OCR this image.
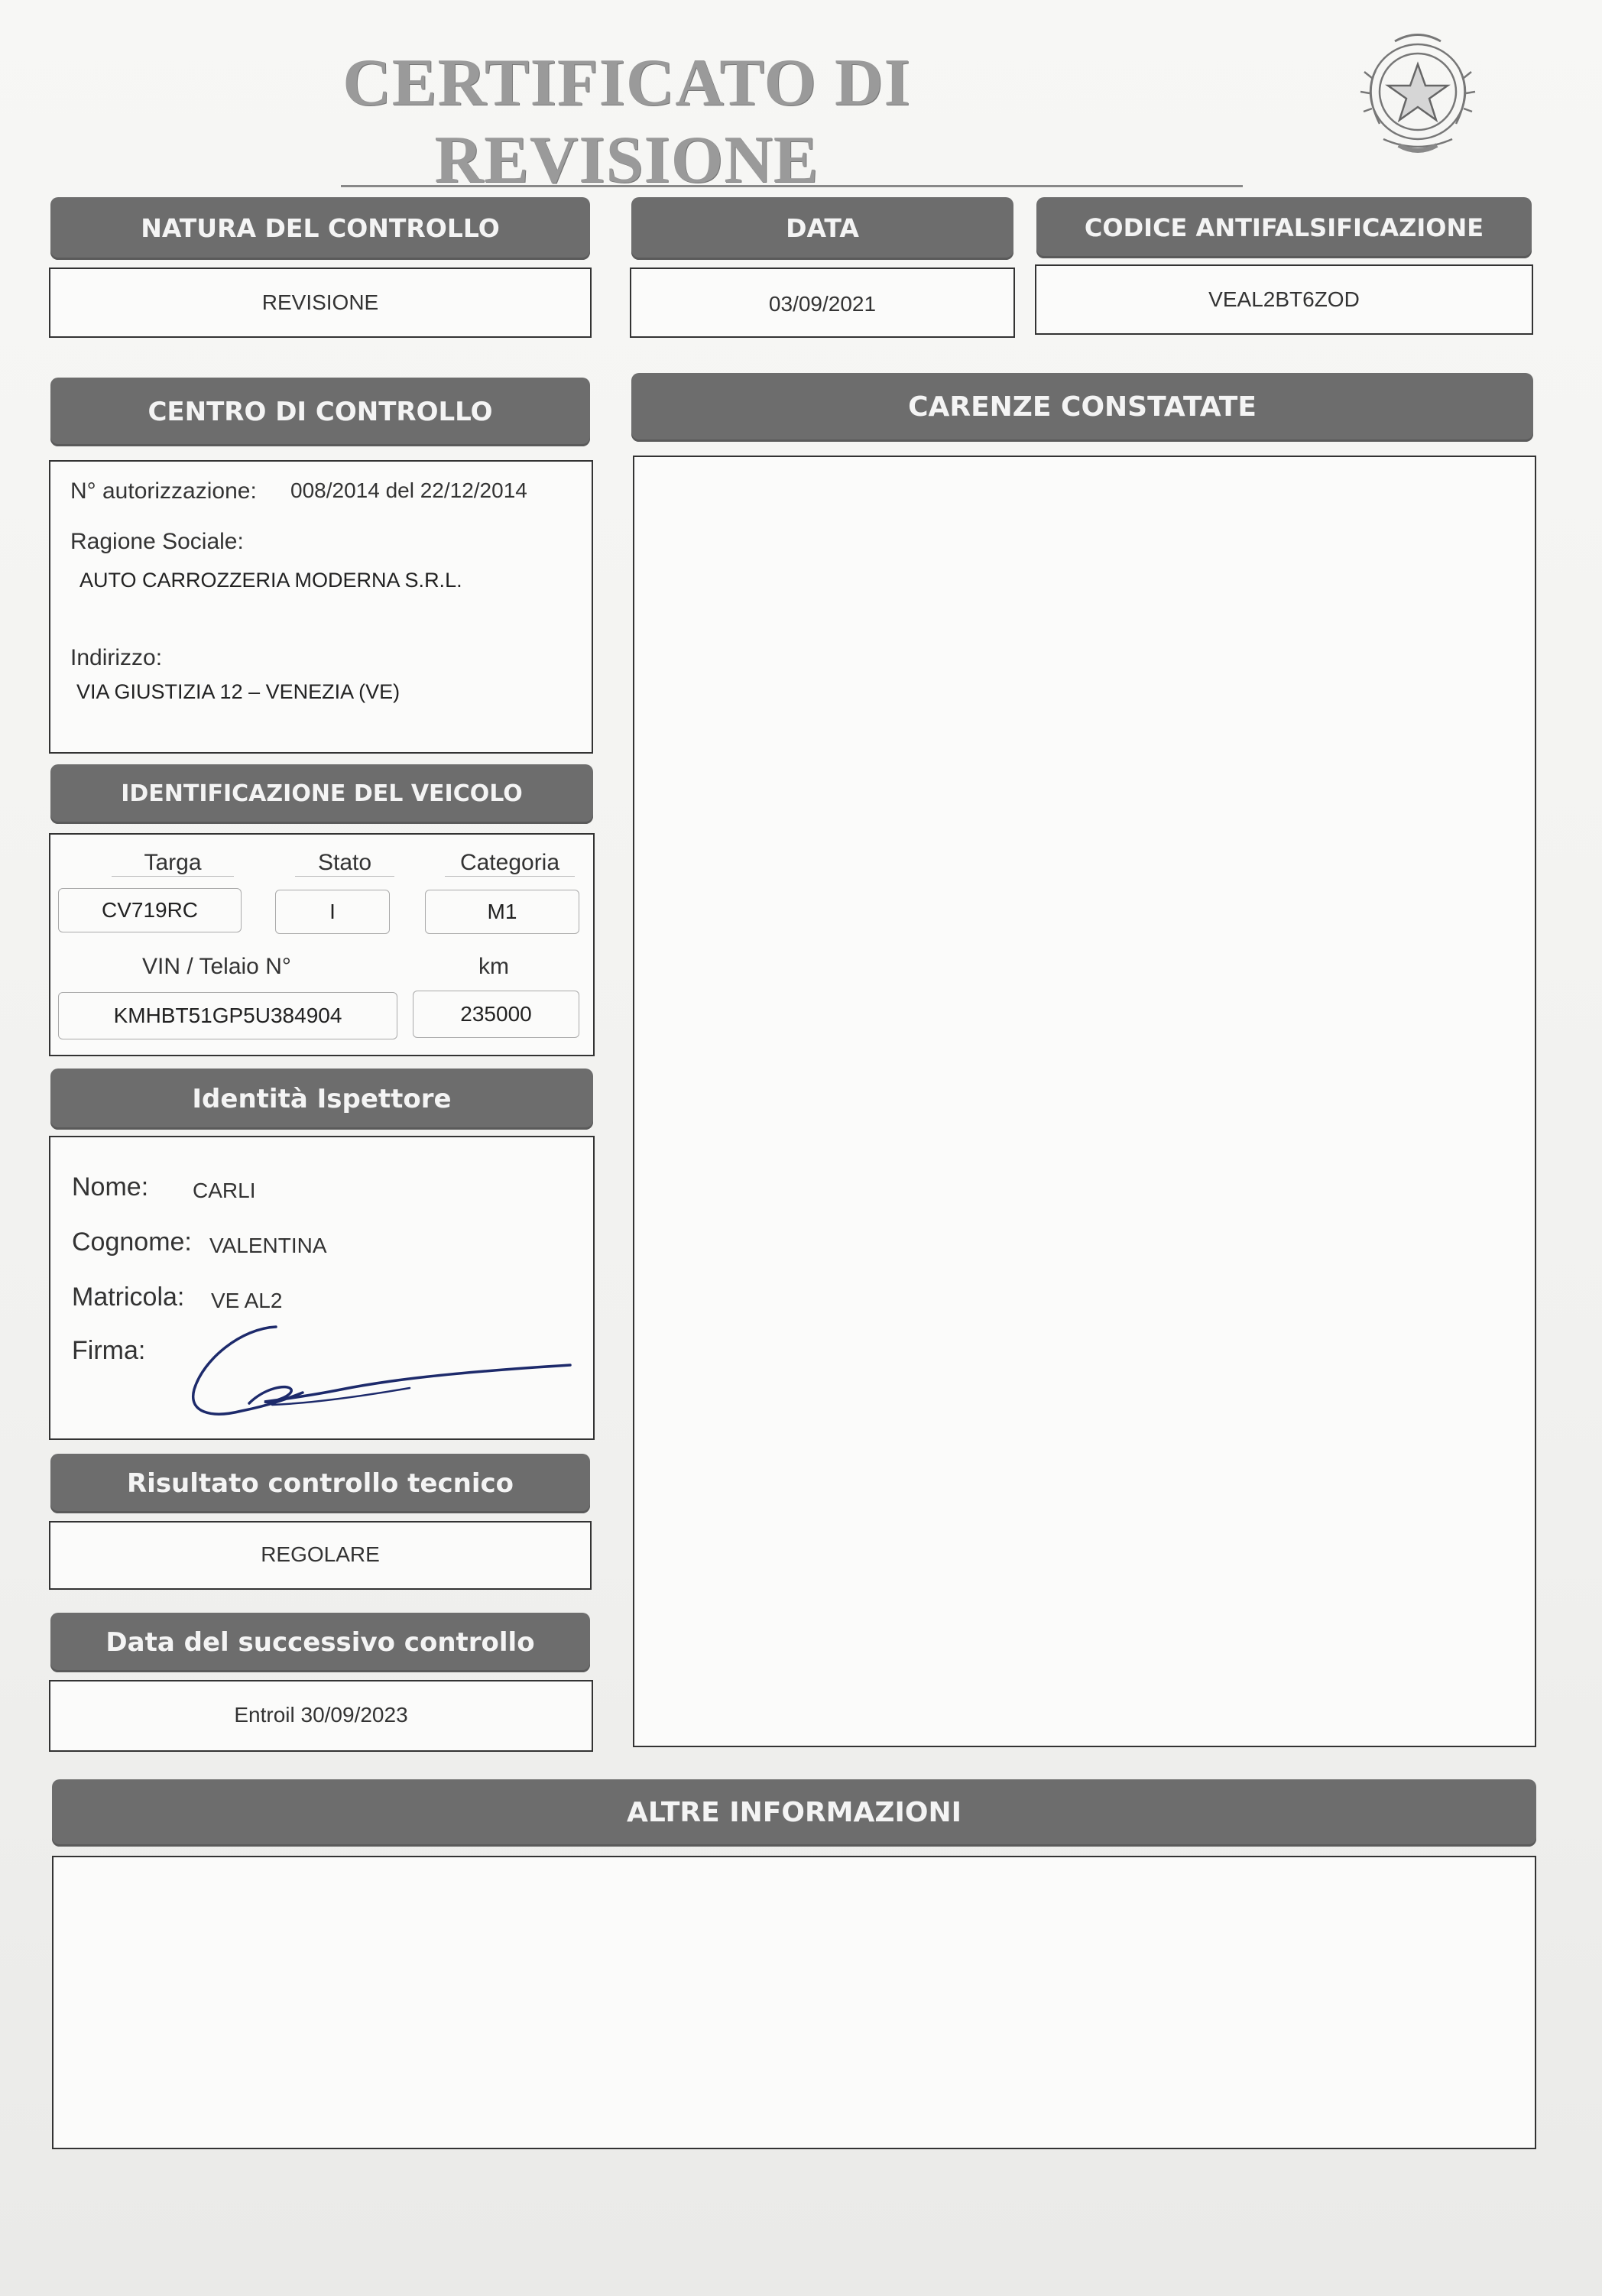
CERTIFICATO DI REVISIONE
NATURA DEL CONTROLLO
REVISIONE
DATA
03/09/2021
CODICE ANTIFALSIFICAZIONE
VEAL2BT6ZOD
CENTRO DI CONTROLLO
N° autorizzazione: 008/2014 del 22/12/2014
Ragione Sociale:
AUTO CARROZZERIA MODERNA S.R.L.
Indirizzo:
VIA GIUSTIZIA 12 – VENEZIA (VE)
CARENZE CONSTATATE
IDENTIFICAZIONE DEL VEICOLO
Targa	Stato	Categoria
CV719RC	I	M1
VIN / Telaio N°	km
KMHBT51GP5U384904	235000
Identità Ispettore
Nome: CARLI
Cognome: VALENTINA
Matricola: VE AL2
Firma:
Risultato controllo tecnico
REGOLARE
Data del successivo controllo
Entroil 30/09/2023
ALTRE INFORMAZIONI
